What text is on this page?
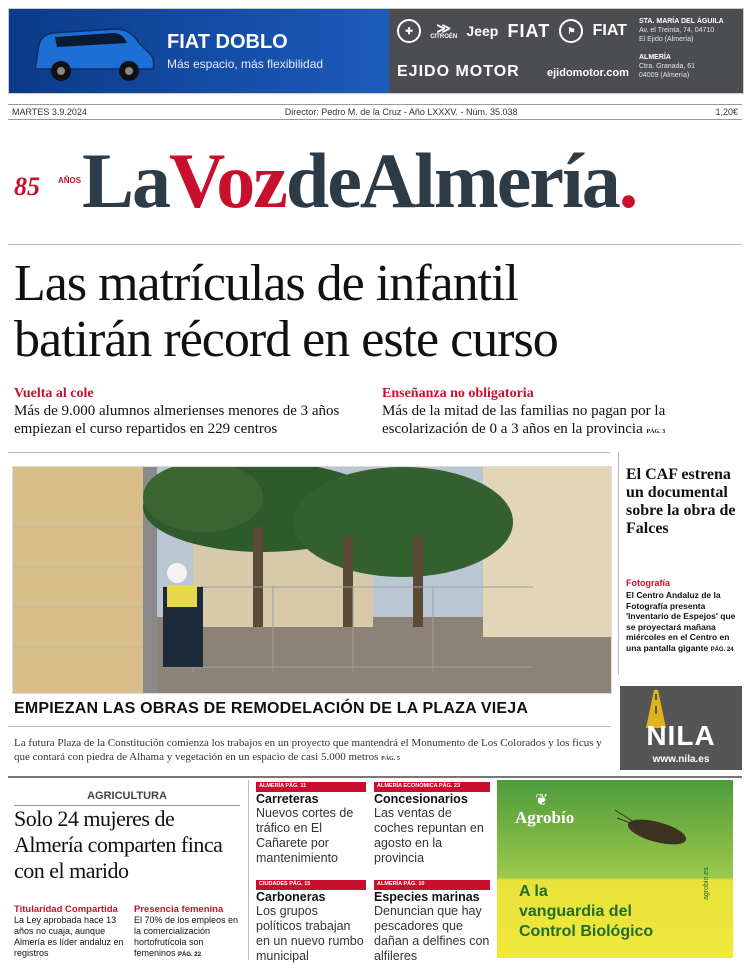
FIAT DOBLO
Más espacio, más flexibilidad
✚	≫
CITROËN Jeep FIAT	⚑	FIAT
EJIDO MOTOR ejidomotor.com
STA. MARÍA DEL ÁGUILA
Av. el Treinta, 74, 04710
El Ejido (Almería)

ALMERÍA
Ctra. Granada, 61
04009 (Almería)
MARTES 3.9.2024	Director: Pedro M. de la Cruz - Año LXXXV. - Núm. 35.038	1,20€
85 AÑOS LaVozdeAlmería.
Las matrículas de infantil
batirán récord en este curso
Vuelta al cole
Más de 9.000 alumnos almerienses menores de 3 años empiezan el curso repartidos en 229 centros
Enseñanza no obligatoria
Más de la mitad de las familias no pagan por la escolarización de 0 a 3 años en la provincia PÁG. 3
EMPIEZAN LAS OBRAS DE REMODELACIÓN DE LA PLAZA VIEJA
La futura Plaza de la Constitución comienza los trabajos en un proyecto que mantendrá el Monumento de Los Colorados y los ficus y que contará con piedra de Alhama y vegetación en un espacio de casi 5.000 metros PÁG. 5
El CAF estrena un documental sobre la obra de Falces
Fotografía
El Centro Andaluz de la Fotografía presenta 'Inventario de Espejos' que se proyectará mañana miércoles en el Centro en una pantalla gigante PÁG. 24
NILA
www.nila.es
AGRICULTURA
Solo 24 mujeres de Almería comparten finca con el marido
Titularidad Compartida
La Ley aprobada hace 13 años no cuaja, aunque Almería es líder andaluz en registros
Presencia femenina
El 70% de los empleos en la comercialización hortofrutícola son femeninos PÁG. 22
ALMERÍA PÁG. 11
Carreteras
Nuevos cortes de tráfico en El Cañarete por mantenimiento
ALMERÍA ECONÓMICA PÁG. 23
Concesionarios
Las ventas de coches repuntan en agosto en la provincia
CIUDADES PÁG. 15
Carboneras
Los grupos políticos trabajan en un nuevo rumbo municipal
ALMERÍA PÁG. 10
Especies marinas
Denuncian que hay pescadores que dañan a delfines con alfileres
❦
Agrobío
A la
vanguardia del
Control Biológico
agrobio.es
